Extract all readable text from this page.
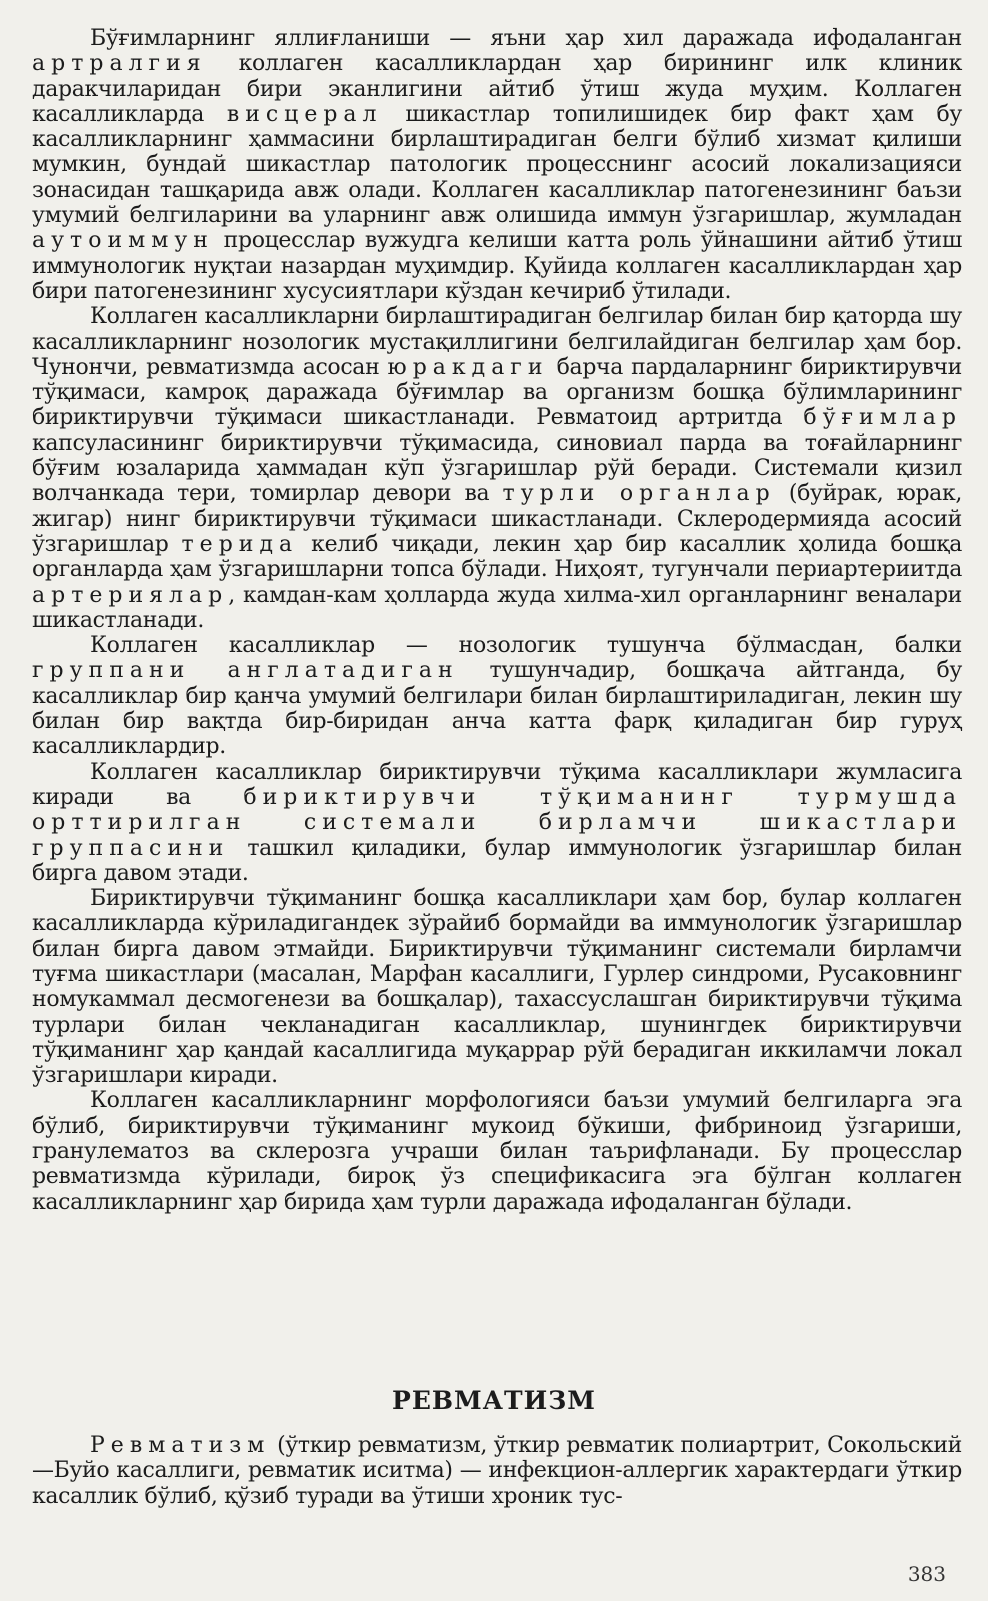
Бўғимларнинг яллиғланиши — яъни ҳар хил даражада ифодаланган артралгия коллаген касалликлардан ҳар бирининг илк клиник даракчиларидан бири эканлигини айтиб ўтиш жуда муҳим. Коллаген касалликларда висцерал шикастлар топилишидек бир факт ҳам бу касалликларнинг ҳаммасини бирлаштирадиган белги бўлиб хизмат қилиши мумкин, бундай шикастлар патологик процесснинг асосий локализацияси зонасидан ташқарида авж олади. Коллаген касалликлар патогенезининг баъзи умумий белгиларини ва уларнинг авж олишида иммун ўзгаришлар, жумладан аутоиммун процесслар вужудга келиши катта роль ўйнашини айтиб ўтиш иммунологик нуқтаи назардан муҳимдир. Қуйида коллаген касалликлардан ҳар бири патогенезининг хусусиятлари кўздан кечириб ўтилади.

Коллаген касалликларни бирлаштирадиган белгилар билан бир қаторда шу касалликларнинг нозологик мустақиллигини белгилайдиган белгилар ҳам бор. Чунончи, ревматизмда асосан юракдаги барча пардаларнинг бириктирувчи тўқимаси, камроқ даражада бўғимлар ва организм бошқа бўлимларининг бириктирувчи тўқимаси шикастланади. Ревматоид артритда бўғимлар капсуласининг бириктирувчи тўқимасида, синовиал парда ва тоғайларнинг бўғим юзаларида ҳаммадан кўп ўзгаришлар рўй беради. Системали қизил волчанкада тери, томирлар девори ва турли органлар (буйрак, юрак, жигар) нинг бириктирувчи тўқимаси шикастланади. Склеродермияда асосий ўзгаришлар терида келиб чиқади, лекин ҳар бир касаллик ҳолида бошқа органларда ҳам ўзгаришларни топса бўлади. Ниҳоят, тугунчали периартериитда артериялар, камдан-кам ҳолларда жуда хилма-хил органларнинг веналари шикастланади.

Коллаген касалликлар — нозологик тушунча бўлмасдан, балки группани англатадиган тушунчадир, бошқача айтганда, бу касалликлар бир қанча умумий белгилари билан бирлаштириладиган, лекин шу билан бир вақтда бир-биридан анча катта фарқ қиладиган бир гуруҳ касалликлардир.

Коллаген касалликлар бириктирувчи тўқима касалликлари жумласига киради ва бириктирувчи тўқиманинг турмушда орттирилган системали бирламчи шикастлари группасини ташкил қиладики, булар иммунологик ўзгаришлар билан бирга давом этади.

Бириктирувчи тўқиманинг бошқа касалликлари ҳам бор, булар коллаген касалликларда кўриладигандек зўрайиб бормайди ва иммунологик ўзгаришлар билан бирга давом этмайди. Бириктирувчи тўқиманинг системали бирламчи туғма шикастлари (масалан, Марфан касаллиги, Гурлер синдроми, Русаковнинг номукаммал десмогенези ва бошқалар), тахассуслашган бириктирувчи тўқима турлари билан чекланадиган касалликлар, шунингдек бириктирувчи тўқиманинг ҳар қандай касаллигида муқаррар рўй берадиган иккиламчи локал ўзгаришлари киради.

Коллаген касалликларнинг морфологияси баъзи умумий белгиларга эга бўлиб, бириктирувчи тўқиманинг мукоид бўкиши, фибриноид ўзгариши, гранулематоз ва склерозга учраши билан таърифланади. Бу процесслар ревматизмда кўрилади, бироқ ўз спецификасига эга бўлган коллаген касалликларнинг ҳар бирида ҳам турли даражада ифодаланган бўлади.

РЕВМАТИЗМ

Ревматизм (ўткир ревматизм, ўткир ревматик полиартрит, Сокольский—Буйо касаллиги, ревматик иситма) — инфекцион-аллергик характердаги ўткир касаллик бўлиб, қўзиб туради ва ўтиши хроник тус-

383
